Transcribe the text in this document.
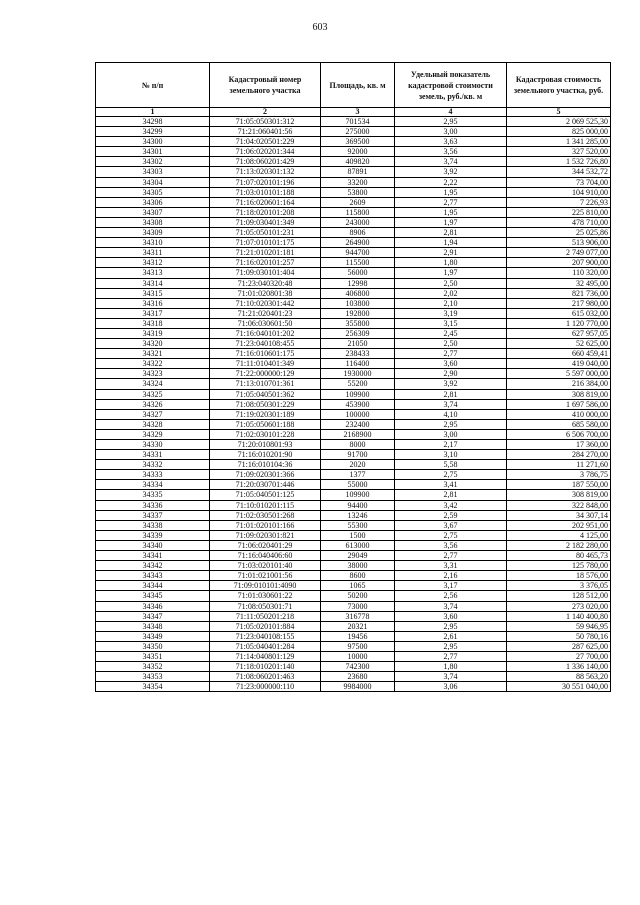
603
№ п/п	Кадастровый номер земельного участка	Площадь, кв. м	Удельный показатель кадастровой стоимости земель, руб./кв. м	Кадастровая стоимость земельного участка, руб.
1	2	3	4	5
34298	71:05:050301:312	701534	2,95	2 069 525,30
34299	71:21:060401:56	275000	3,00	825 000,00
34300	71:04:020501:229	369500	3,63	1 341 285,00
34301	71:06:020201:344	92000	3,56	327 520,00
34302	71:08:060201:429	409820	3,74	1 532 726,80
34303	71:13:020301:132	87891	3,92	344 532,72
34304	71:07:020101:196	33200	2,22	73 704,00
34305	71:03:010101:188	53800	1,95	104 910,00
34306	71:16:020601:164	2609	2,77	7 226,93
34307	71:18:020101:208	115800	1,95	225 810,00
34308	71:09:030401:349	243000	1,97	478 710,00
34309	71:05:050101:231	8906	2,81	25 025,86
34310	71:07:010101:175	264900	1,94	513 906,00
34311	71:21:010201:181	944700	2,91	2 749 077,00
34312	71:16:020101:257	115500	1,80	207 900,00
34313	71:09:030101:404	56000	1,97	110 320,00
34314	71:23:040320:48	12998	2,50	32 495,00
34315	71:01:020801:38	406800	2,02	821 736,00
34316	71:10:020301:442	103800	2,10	217 980,00
34317	71:21:020401:23	192800	3,19	615 032,00
34318	71:06:030601:50	355800	3,15	1 120 770,00
34319	71:16:040101:202	256309	2,45	627 957,05
34320	71:23:040108:455	21050	2,50	52 625,00
34321	71:16:010601:175	238433	2,77	660 459,41
34322	71:11:010401:349	116400	3,60	419 040,00
34323	71:22:000000:129	1930000	2,90	5 597 000,00
34324	71:13:010701:361	55200	3,92	216 384,00
34325	71:05:040501:362	109900	2,81	308 819,00
34326	71:08:050301:229	453900	3,74	1 697 586,00
34327	71:19:020301:189	100000	4,10	410 000,00
34328	71:05:050601:188	232400	2,95	685 580,00
34329	71:02:030101:228	2168900	3,00	6 506 700,00
34330	71:20:010801:93	8000	2,17	17 360,00
34331	71:16:010201:90	91700	3,10	284 270,00
34332	71:16:010104:36	2020	5,58	11 271,60
34333	71:09:020301:366	1377	2,75	3 786,75
34334	71:20:030701:446	55000	3,41	187 550,00
34335	71:05:040501:125	109900	2,81	308 819,00
34336	71:10:010201:115	94400	3,42	322 848,00
34337	71:02:030501:268	13246	2,59	34 307,14
34338	71:01:020101:166	55300	3,67	202 951,00
34339	71:09:020301:821	1500	2,75	4 125,00
34340	71:06:020401:29	613000	3,56	2 182 280,00
34341	71:16:040406:60	29049	2,77	80 465,73
34342	71:03:020101:40	38000	3,31	125 780,00
34343	71:01:021001:56	8600	2,16	18 576,00
34344	71:09:010101:4090	1065	3,17	3 376,05
34345	71:01:030601:22	50200	2,56	128 512,00
34346	71:08:050301:71	73000	3,74	273 020,00
34347	71:11:050201:218	316778	3,60	1 140 400,80
34348	71:05:020101:884	20321	2,95	59 946,95
34349	71:23:040108:155	19456	2,61	50 780,16
34350	71:05:040401:284	97500	2,95	287 625,00
34351	71:14:040801:129	10000	2,77	27 700,00
34352	71:18:010201:140	742300	1,80	1 336 140,00
34353	71:08:060201:463	23680	3,74	88 563,20
34354	71:23:000000:110	9984000	3,06	30 551 040,00
